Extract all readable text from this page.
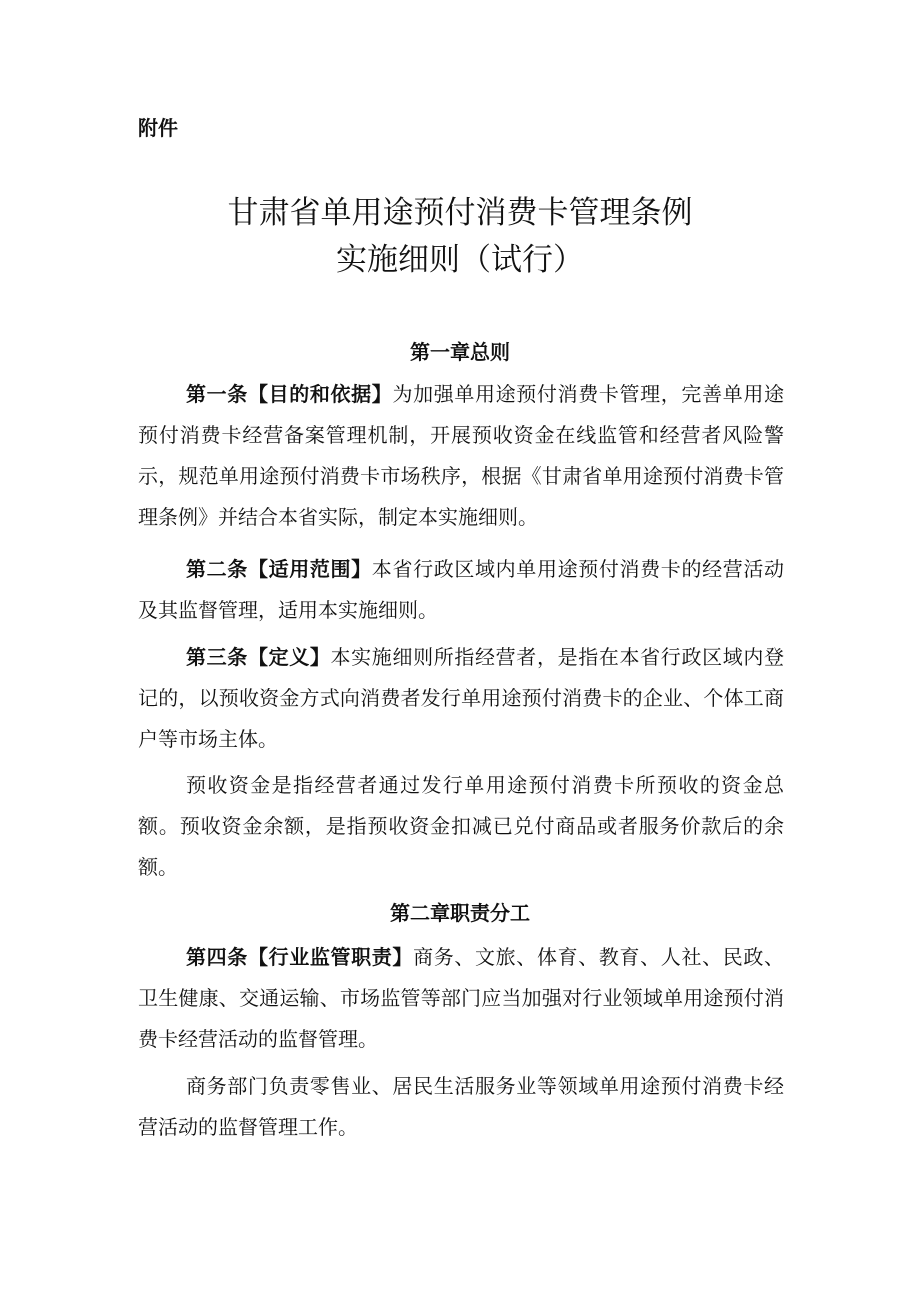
附件
甘肃省单用途预付消费卡管理条例
实施细则（试行）
第一章总则

第一条【目的和依据】为加强单用途预付消费卡管理，完善单用途预付消费卡经营备案管理机制，开展预收资金在线监管和经营者风险警示，规范单用途预付消费卡市场秩序，根据《甘肃省单用途预付消费卡管理条例》并结合本省实际，制定本实施细则。

第二条【适用范围】本省行政区域内单用途预付消费卡的经营活动及其监督管理，适用本实施细则。

第三条【定义】本实施细则所指经营者，是指在本省行政区域内登记的，以预收资金方式向消费者发行单用途预付消费卡的企业、个体工商户等市场主体。

预收资金是指经营者通过发行单用途预付消费卡所预收的资金总额。预收资金余额，是指预收资金扣减已兑付商品或者服务价款后的余额。

第二章职责分工

第四条【行业监管职责】商务、文旅、体育、教育、人社、民政、卫生健康、交通运输、市场监管等部门应当加强对行业领域单用途预付消费卡经营活动的监督管理。

商务部门负责零售业、居民生活服务业等领域单用途预付消费卡经营活动的监督管理工作。
